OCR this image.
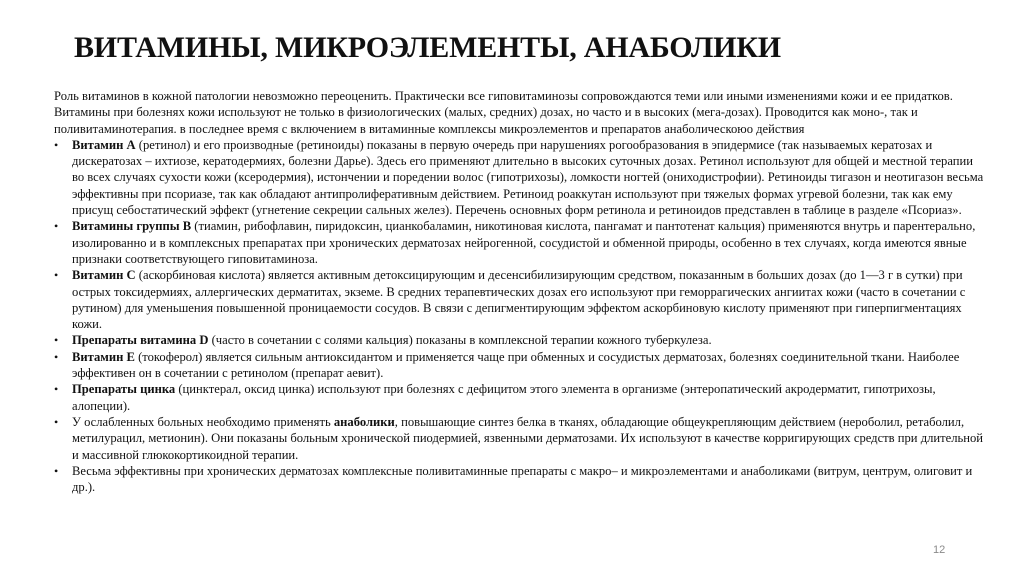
ВИТАМИНЫ, МИКРОЭЛЕМЕНТЫ, АНАБОЛИКИ

Роль витаминов в кожной патологии невозможно переоценить. Практически все гиповитаминозы сопровождаются теми или иными изменениями кожи и ее придатков. Витамины при болезнях кожи используют не только в физиологических (малых, средних) дозах, но часто и в высоких (мега-дозах). Проводится как моно-, так и поливитаминотерапия. в последнее время с включением в витаминные комплексы микроэлементов и препаратов анаболическоюо действия

• Витамин А (ретинол) и его производные (ретиноиды) показаны в первую очередь при нарушениях рогообразования в эпидермисе (так называемых кератозах и дискератозах – ихтиозе, кератодермиях, болезни Дарье). Здесь его применяют длительно в высоких суточных дозах. Ретинол используют для общей и местной терапии во всех случаях сухости кожи (ксеродермия), истончении и поредении волос (гипотрихозы), ломкости ногтей (ониходистрофии). Ретиноиды тигазон и неотигазон весьма эффективны при псориазе, так как обладают антипролиферативным действием. Ретиноид роаккутан используют при тяжелых формах угревой болезни, так как ему присущ себостатический эффект (угнетение секреции сальных желез). Перечень основных форм ретинола и ретиноидов представлен в таблице в разделе «Псориаз».
• Витамины группы В (тиамин, рибофлавин, пиридоксин, цианкобаламин, никотиновая кислота, пангамат и пантотенат кальция) применяются внутрь и парентерально, изолированно и в комплексных препаратах при хронических дерматозах нейрогенной, сосудистой и обменной природы, особенно в тех случаях, когда имеются явные признаки соответствующего гиповитаминоза.
• Витамин С (аскорбиновая кислота) является активным детоксицирующим и десенсибилизирующим средством, показанным в больших дозах (до 1—3 г в сутки) при острых токсидермиях, аллергических дерматитах, экземе. В средних терапевтических дозах его используют при геморрагических ангиитах кожи (часто в сочетании с рутином) для уменьшения повышенной проницаемости сосудов. В связи с депигментирующим эффектом аскорбиновую кислоту применяют при гиперпигментациях кожи.
• Препараты витамина D (часто в сочетании с солями кальция) показаны в комплексной терапии кожного туберкулеза.
• Витамин Е (токоферол) является сильным антиоксидантом и применяется чаще при обменных и сосудистых дерматозах, болезнях соединительной ткани. Наиболее эффективен он в сочетании с ретинолом (препарат аевит).
• Препараты цинка (цинктерал, оксид цинка) используют при болезнях с дефицитом этого элемента в организме (энтеропатический акродерматит, гипотрихозы, алопеции).
• У ослабленных больных необходимо применять анаболики, повышающие синтез белка в тканях, обладающие общеукрепляющим действием (нероболил, ретаболил, метилурацил, метионин). Они показаны больным хронической пиодермией, язвенными дерматозами. Их используют в качестве корригирующих средств при длительной и массивной глюкокортикоидной терапии.
• Весьма эффективны при хронических дерматозах комплексные поливитаминные препараты с макро– и микроэлементами и анаболиками (витрум, центрум, олиговит и др.).
12
